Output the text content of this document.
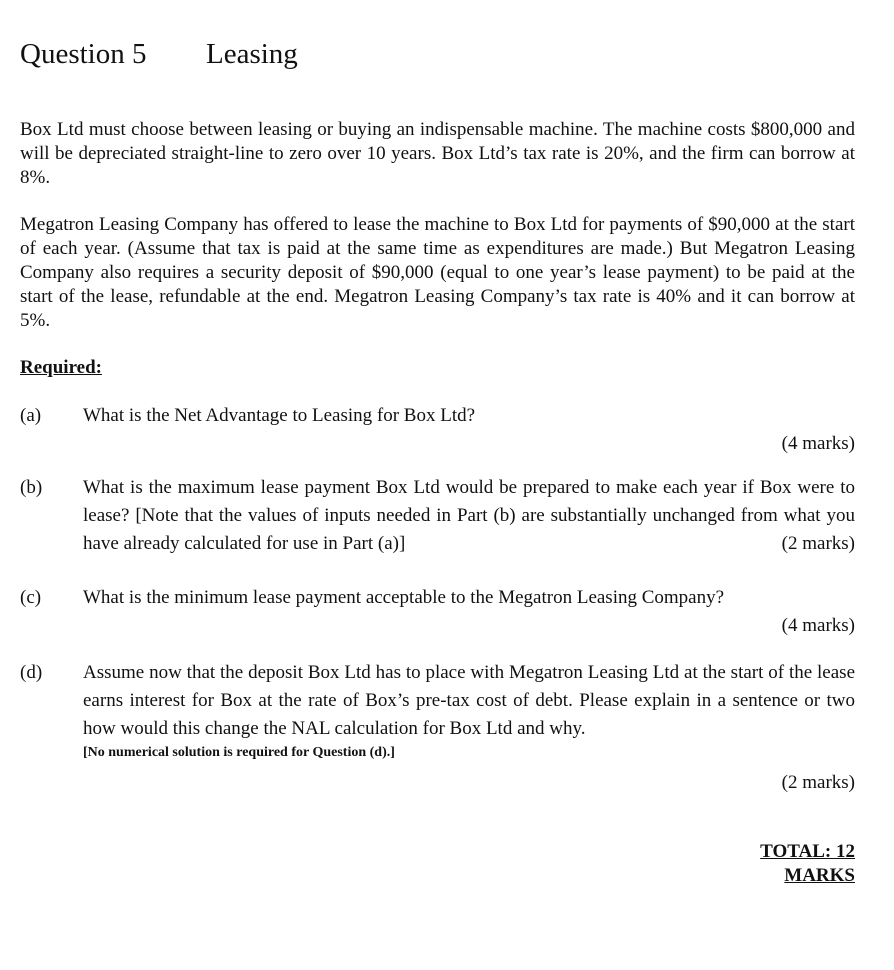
Question 5 Leasing
Box Ltd must choose between leasing or buying an indispensable machine. The machine costs $800,000 and will be depreciated straight-line to zero over 10 years. Box Ltd’s tax rate is 20%, and the firm can borrow at 8%.
Megatron Leasing Company has offered to lease the machine to Box Ltd for payments of $90,000 at the start of each year. (Assume that tax is paid at the same time as expenditures are made.) But Megatron Leasing Company also requires a security deposit of $90,000 (equal to one year’s lease payment) to be paid at the start of the lease, refundable at the end. Megatron Leasing Company’s tax rate is 40% and it can borrow at 5%.
Required:
(a) What is the Net Advantage to Leasing for Box Ltd?
(4 marks)
(b) What is the maximum lease payment Box Ltd would be prepared to make each year if Box were to lease? [Note that the values of inputs needed in Part (b) are substantially unchanged from what you have already calculated for use in Part (a)]	(2 marks)
(c) What is the minimum lease payment acceptable to the Megatron Leasing Company?
(4 marks)
(d) Assume now that the deposit Box Ltd has to place with Megatron Leasing Ltd at the start of the lease earns interest for Box at the rate of Box’s pre-tax cost of debt. Please explain in a sentence or two how would this change the NAL calculation for Box Ltd and why.
[No numerical solution is required for Question (d).]
(2 marks)
TOTAL: 12
MARKS
